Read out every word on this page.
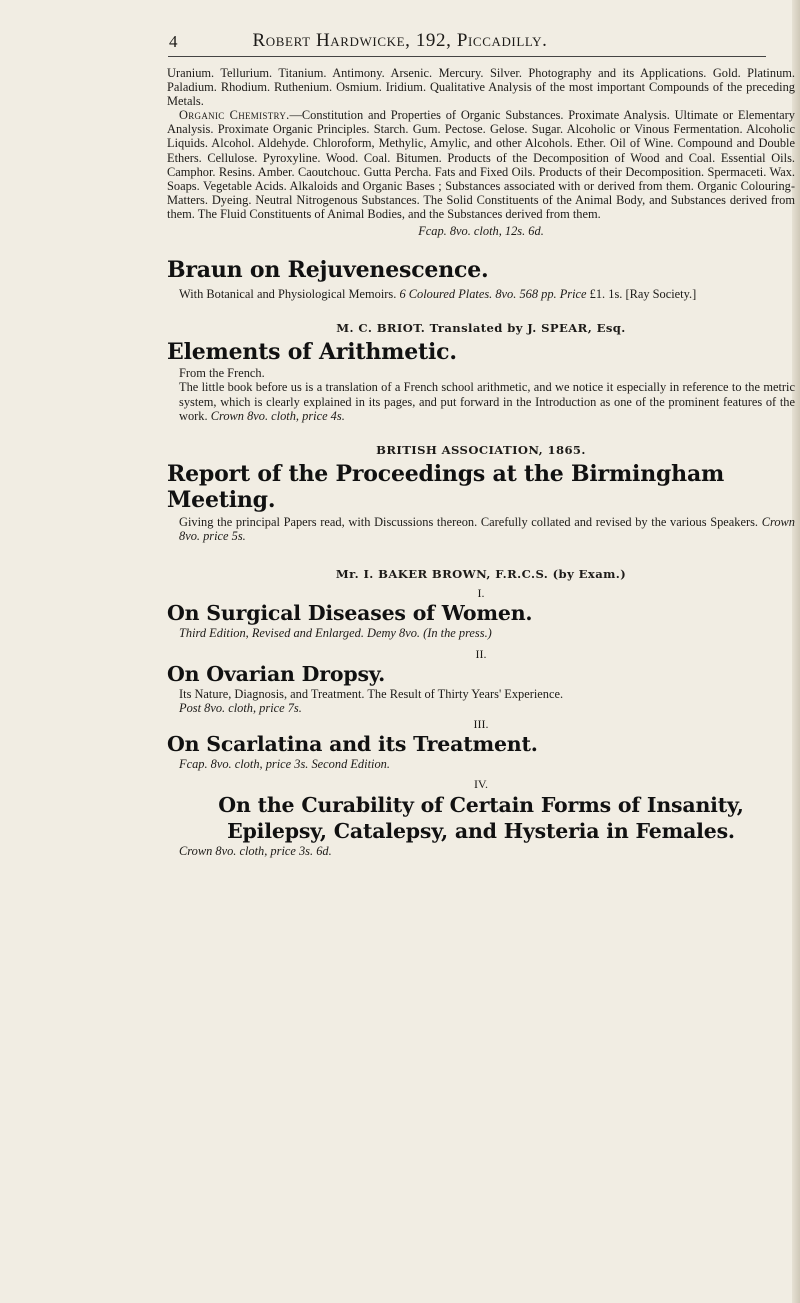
4	Robert Hardwicke, 192, Piccadilly.

Uranium. Tellurium. Titanium. Antimony. Arsenic. Mercury. Silver. Photography and its Applications. Gold. Platinum. Paladium. Rhodium. Ruthenium. Osmium. Iridium. Qualitative Analysis of the most important Compounds of the preceding Metals.

Organic Chemistry.—Constitution and Properties of Organic Substances. Proximate Analysis. Ultimate or Elementary Analysis. Proximate Organic Principles. Starch. Gum. Pectose. Gelose. Sugar. Alcoholic or Vinous Fermentation. Alcoholic Liquids. Alcohol. Aldehyde. Chloroform, Methylic, Amylic, and other Alcohols. Ether. Oil of Wine. Compound and Double Ethers. Cellulose. Pyroxyline. Wood. Coal. Bitumen. Products of the Decomposition of Wood and Coal. Essential Oils. Camphor. Resins. Amber. Caoutchouc. Gutta Percha. Fats and Fixed Oils. Products of their Decomposition. Spermaceti. Wax. Soaps. Vegetable Acids. Alkaloids and Organic Bases ; Substances associated with or derived from them. Organic Colouring-Matters. Dyeing. Neutral Nitrogenous Substances. The Solid Constituents of the Animal Body, and Substances derived from them. The Fluid Constituents of Animal Bodies, and the Substances derived from them.

Fcap. 8vo. cloth, 12s. 6d.

Braun on Rejuvenescence.

With Botanical and Physiological Memoirs. 6 Coloured Plates. 8vo. 568 pp. Price £1. 1s. [Ray Society.]

M. C. BRIOT. Translated by J. SPEAR, Esq.

Elements of Arithmetic.

From the French.

The little book before us is a translation of a French school arithmetic, and we notice it especially in reference to the metric system, which is clearly explained in its pages, and put forward in the Introduction as one of the prominent features of the work. Crown 8vo. cloth, price 4s.

BRITISH ASSOCIATION, 1865.

Report of the Proceedings at the Birmingham Meeting.

Giving the principal Papers read, with Discussions thereon. Carefully collated and revised by the various Speakers. Crown 8vo. price 5s.

Mr. I. BAKER BROWN, F.R.C.S. (by Exam.)

I.

On Surgical Diseases of Women.

Third Edition, Revised and Enlarged. Demy 8vo. (In the press.)

II.

On Ovarian Dropsy.

Its Nature, Diagnosis, and Treatment. The Result of Thirty Years' Experience.

Post 8vo. cloth, price 7s.

III.

On Scarlatina and its Treatment.

Fcap. 8vo. cloth, price 3s. Second Edition.

IV.

On the Curability of Certain Forms of Insanity, Epilepsy, Catalepsy, and Hysteria in Females.

Crown 8vo. cloth, price 3s. 6d.
